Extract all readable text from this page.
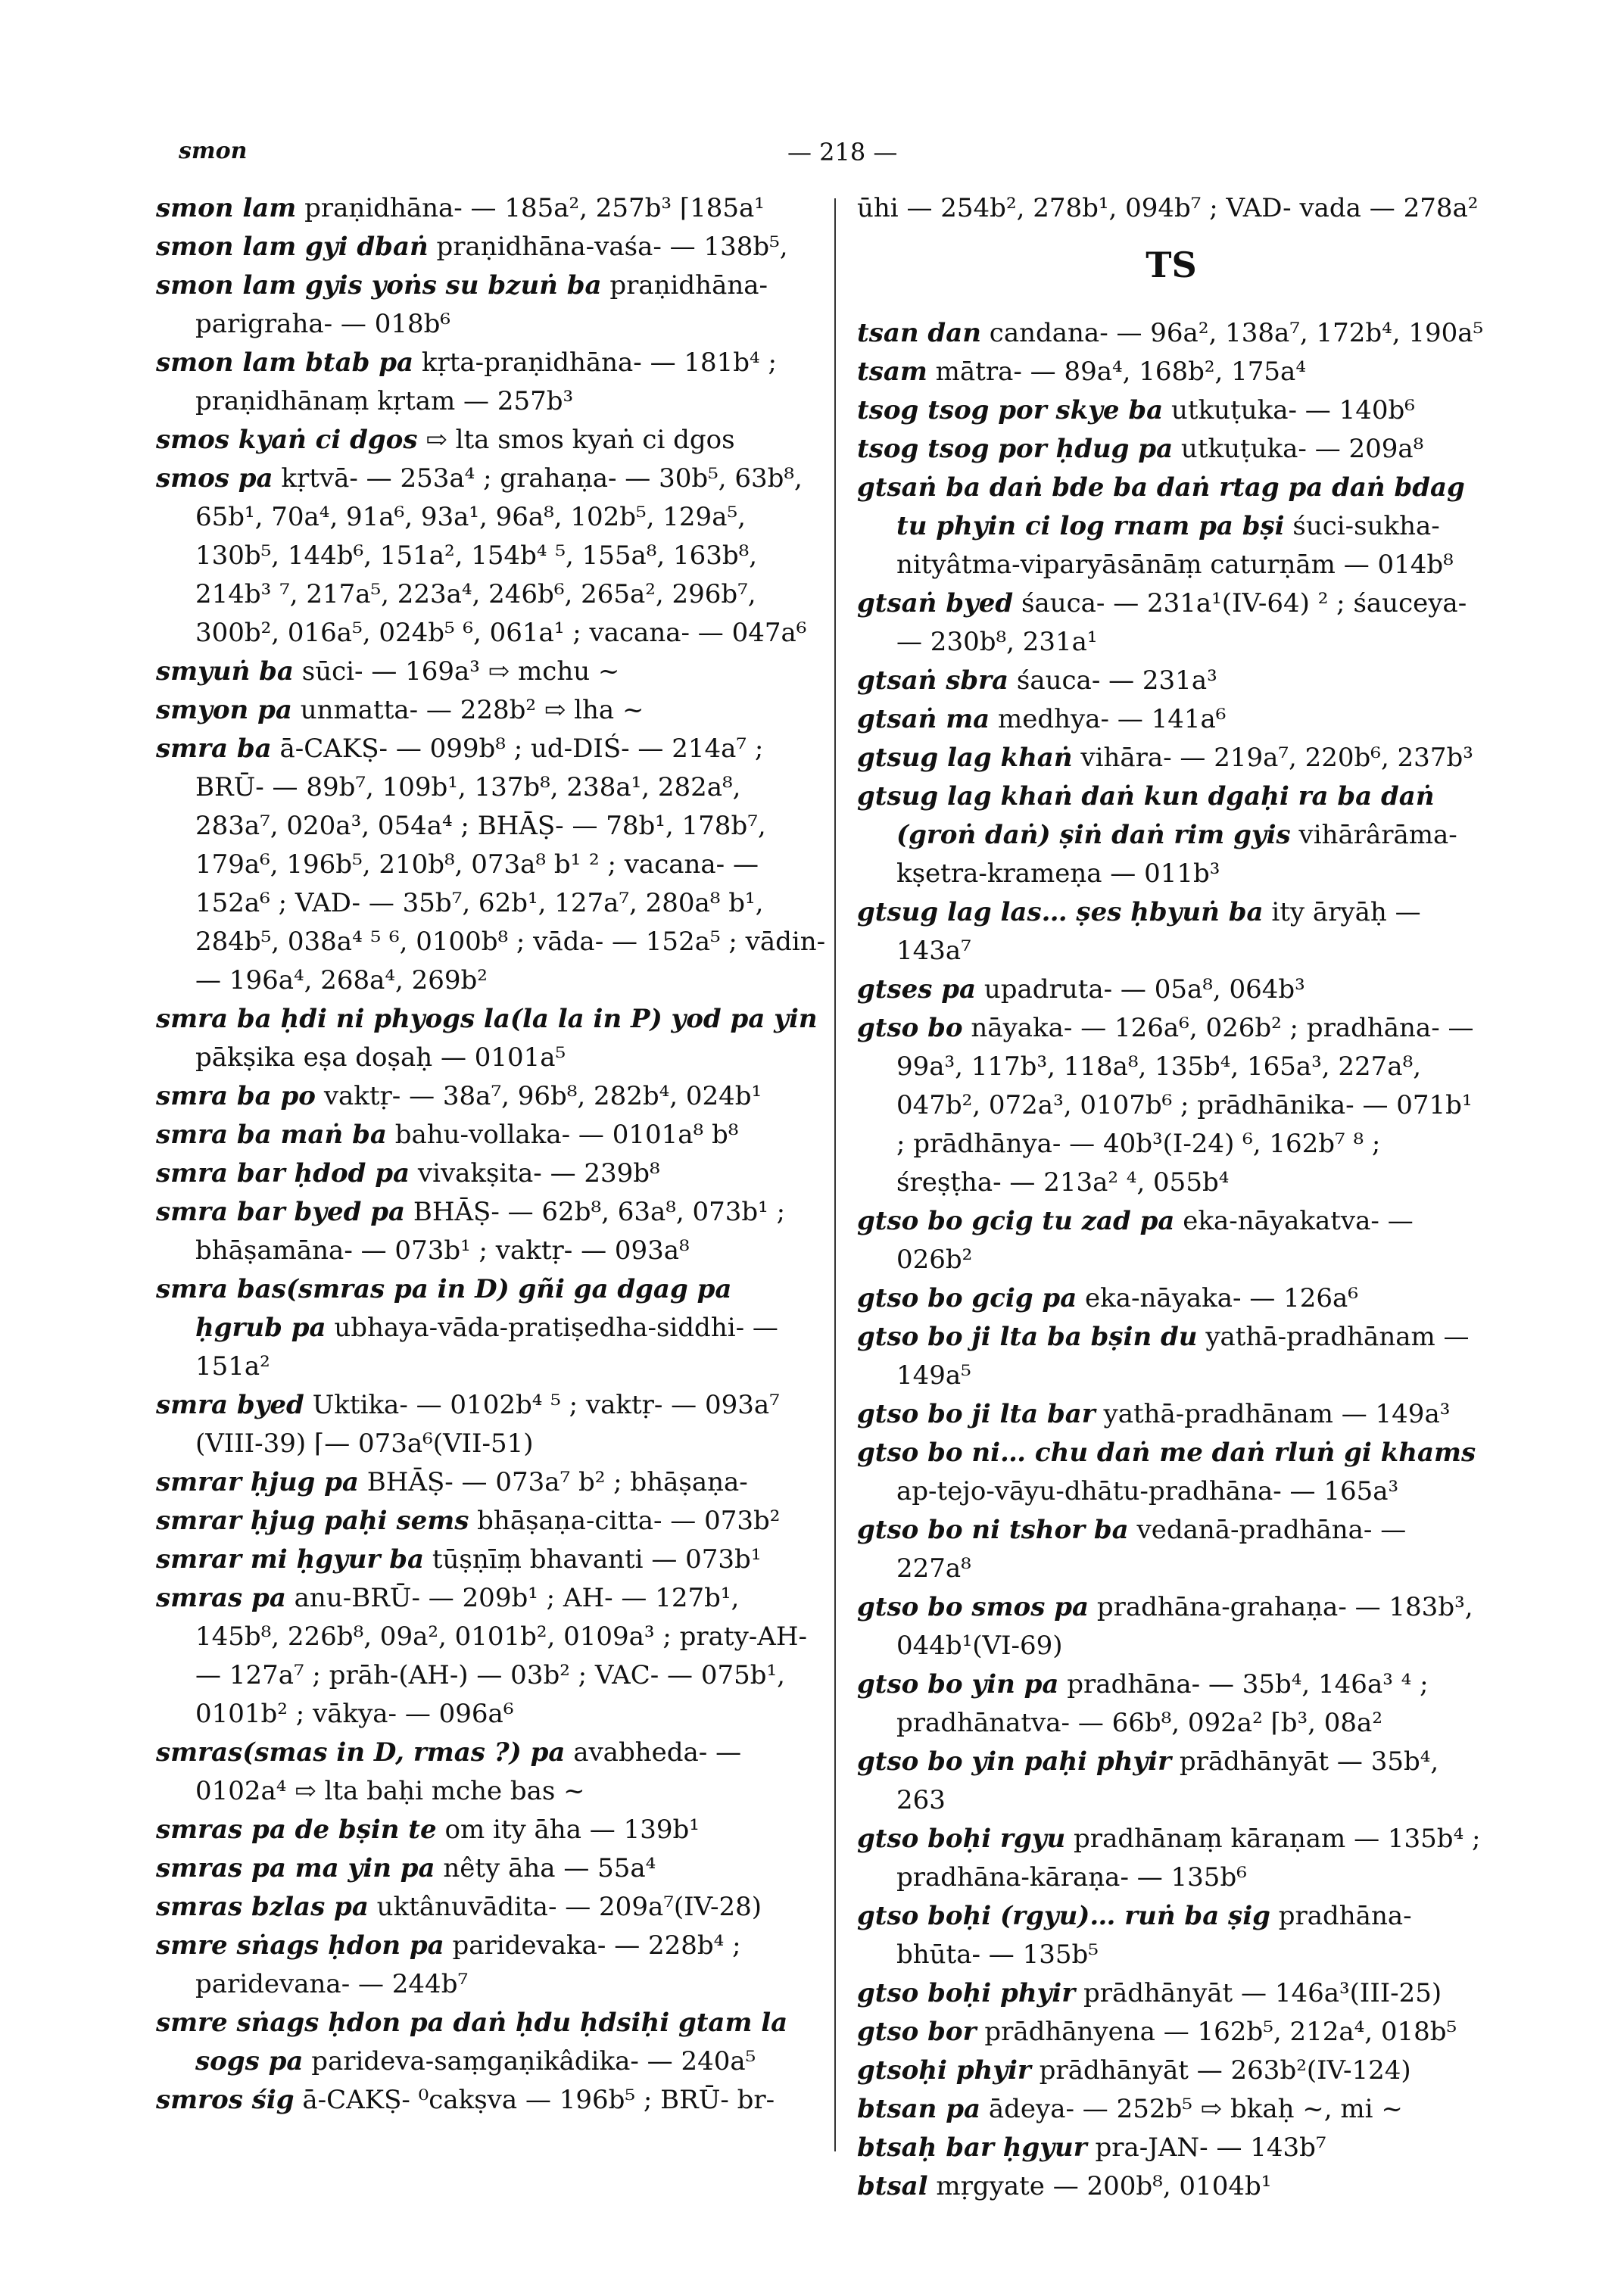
smon	— 218 —

smon lam praṇidhāna- — 185a², 257b³ ⌈185a¹

smon lam gyi dbaṅ praṇidhāna-vaśa- — 138b⁵,

smon lam gyis yoṅs su bzuṅ ba praṇidhāna-parigraha- — 018b⁶

smon lam btab pa kṛta-praṇidhāna- — 181b⁴ ; praṇidhānaṃ kṛtam — 257b³

smos kyaṅ ci dgos ⇨ lta smos kyaṅ ci dgos

smos pa kṛtvā- — 253a⁴ ; grahaṇa- — 30b⁵, 63b⁸, 65b¹, 70a⁴, 91a⁶, 93a¹, 96a⁸, 102b⁵, 129a⁵, 130b⁵, 144b⁶, 151a², 154b⁴ ⁵, 155a⁸, 163b⁸, 214b³ ⁷, 217a⁵, 223a⁴, 246b⁶, 265a², 296b⁷, 300b², 016a⁵, 024b⁵ ⁶, 061a¹ ; vacana- — 047a⁶

smyuṅ ba sūci- — 169a³ ⇨ mchu ~

smyon pa unmatta- — 228b² ⇨ lha ~

smra ba ā-CAKṢ- — 099b⁸ ; ud-DIŚ- — 214a⁷ ; BRŪ- — 89b⁷, 109b¹, 137b⁸, 238a¹, 282a⁸, 283a⁷, 020a³, 054a⁴ ; BHĀṢ- — 78b¹, 178b⁷, 179a⁶, 196b⁵, 210b⁸, 073a⁸ b¹ ² ; vacana- — 152a⁶ ; VAD- — 35b⁷, 62b¹, 127a⁷, 280a⁸ b¹, 284b⁵, 038a⁴ ⁵ ⁶, 0100b⁸ ; vāda- — 152a⁵ ; vādin- — 196a⁴, 268a⁴, 269b²

smra ba ḥdi ni phyogs la(la la in P) yod pa yin pākṣika eṣa doṣaḥ — 0101a⁵

smra ba po vaktṛ- — 38a⁷, 96b⁸, 282b⁴, 024b¹

smra ba maṅ ba bahu-vollaka- — 0101a⁸ b⁸

smra bar ḥdod pa vivakṣita- — 239b⁸

smra bar byed pa BHĀṢ- — 62b⁸, 63a⁸, 073b¹ ; bhāṣamāna- — 073b¹ ; vaktṛ- — 093a⁸

smra bas(smras pa in D) gñi ga dgag pa ḥgrub pa ubhaya-vāda-pratiṣedha-siddhi- — 151a²

smra byed Uktika- — 0102b⁴ ⁵ ; vaktṛ- — 093a⁷ (VIII-39) ⌈— 073a⁶(VII-51)

smrar ḥjug pa BHĀṢ- — 073a⁷ b² ; bhāṣaṇa-

smrar ḥjug paḥi sems bhāṣaṇa-citta- — 073b²

smrar mi ḥgyur ba tūṣṇīṃ bhavanti — 073b¹

smras pa anu-BRŪ- — 209b¹ ; AH- — 127b¹, 145b⁸, 226b⁸, 09a², 0101b², 0109a³ ; praty-AH- — 127a⁷ ; prāh-(AH-) — 03b² ; VAC- — 075b¹, 0101b² ; vākya- — 096a⁶

smras(smas in D, rmas ?) pa avabheda- — 0102a⁴ ⇨ lta baḥi mche bas ~

smras pa de bṣin te om ity āha — 139b¹

smras pa ma yin pa nêty āha — 55a⁴

smras bzlas pa uktânuvādita- — 209a⁷(IV-28)

smre sṅags ḥdon pa paridevaka- — 228b⁴ ; paridevana- — 244b⁷

smre sṅags ḥdon pa daṅ ḥdu ḥdsiḥi gtam la sogs pa parideva-saṃgaṇikâdika- — 240a⁵

smros śig ā-CAKṢ- ⁰cakṣva — 196b⁵ ; BRŪ- br-

ūhi — 254b², 278b¹, 094b⁷ ; VAD- vada — 278a²

TS

tsan dan candana- — 96a², 138a⁷, 172b⁴, 190a⁵

tsam mātra- — 89a⁴, 168b², 175a⁴

tsog tsog por skye ba utkuṭuka- — 140b⁶

tsog tsog por ḥdug pa utkuṭuka- — 209a⁸

gtsaṅ ba daṅ bde ba daṅ rtag pa daṅ bdag tu phyin ci log rnam pa bṣi śuci-sukha-nityâtma-viparyāsānāṃ caturṇām — 014b⁸

gtsaṅ byed śauca- — 231a¹(IV-64) ² ; śauceya- — 230b⁸, 231a¹

gtsaṅ sbra śauca- — 231a³

gtsaṅ ma medhya- — 141a⁶

gtsug lag khaṅ vihāra- — 219a⁷, 220b⁶, 237b³

gtsug lag khaṅ daṅ kun dgaḥi ra ba daṅ (groṅ daṅ) ṣiṅ daṅ rim gyis vihārârāma-kṣetra-krameṇa — 011b³

gtsug lag las… ṣes ḥbyuṅ ba ity āryāḥ — 143a⁷

gtses pa upadruta- — 05a⁸, 064b³

gtso bo nāyaka- — 126a⁶, 026b² ; pradhāna- — 99a³, 117b³, 118a⁸, 135b⁴, 165a³, 227a⁸, 047b², 072a³, 0107b⁶ ; prādhānika- — 071b¹ ; prādhānya- — 40b³(I-24) ⁶, 162b⁷ ⁸ ; śreṣṭha- — 213a² ⁴, 055b⁴

gtso bo gcig tu zad pa eka-nāyakatva- — 026b²

gtso bo gcig pa eka-nāyaka- — 126a⁶

gtso bo ji lta ba bṣin du yathā-pradhānam — 149a⁵

gtso bo ji lta bar yathā-pradhānam — 149a³

gtso bo ni… chu daṅ me daṅ rluṅ gi khams ap-tejo-vāyu-dhātu-pradhāna- — 165a³

gtso bo ni tshor ba vedanā-pradhāna- — 227a⁸

gtso bo smos pa pradhāna-grahaṇa- — 183b³, 044b¹(VI-69)

gtso bo yin pa pradhāna- — 35b⁴, 146a³ ⁴ ; pradhānatva- — 66b⁸, 092a² ⌈b³, 08a²

gtso bo yin paḥi phyir prādhānyāt — 35b⁴, 263

gtso boḥi rgyu pradhānaṃ kāraṇam — 135b⁴ ; pradhāna-kāraṇa- — 135b⁶

gtso boḥi (rgyu)… ruṅ ba ṣig pradhāna-bhūta- — 135b⁵

gtso boḥi phyir prādhānyāt — 146a³(III-25)

gtso bor prādhānyena — 162b⁵, 212a⁴, 018b⁵

gtsoḥi phyir prādhānyāt — 263b²(IV-124)

btsan pa ādeya- — 252b⁵ ⇨ bkaḥ ~, mi ~

btsaḥ bar ḥgyur pra-JAN- — 143b⁷

btsal mṛgyate — 200b⁸, 0104b¹
